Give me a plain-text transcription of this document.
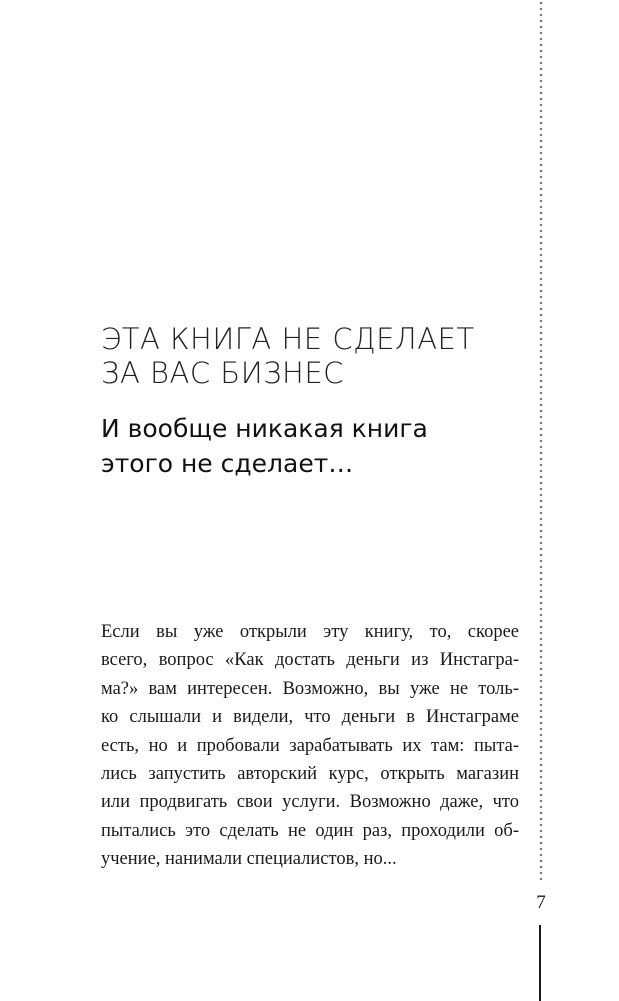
ЭТА КНИГА НЕ СДЕЛАЕТ
ЗА ВАС БИЗНЕС
И вообще никакая книга
этого не сделает…
Если вы уже открыли эту книгу, то, скорее
всего, вопрос «Как достать деньги из Инстагра-
ма?» вам интересен. Возможно, вы уже не толь-
ко слышали и видели, что деньги в Инстаграме
есть, но и пробовали зарабатывать их там: пыта-
лись запустить авторский курс, открыть магазин
или продвигать свои услуги. Возможно даже, что
пытались это сделать не один раз, проходили об-
учение, нанимали специалистов, но...
7
